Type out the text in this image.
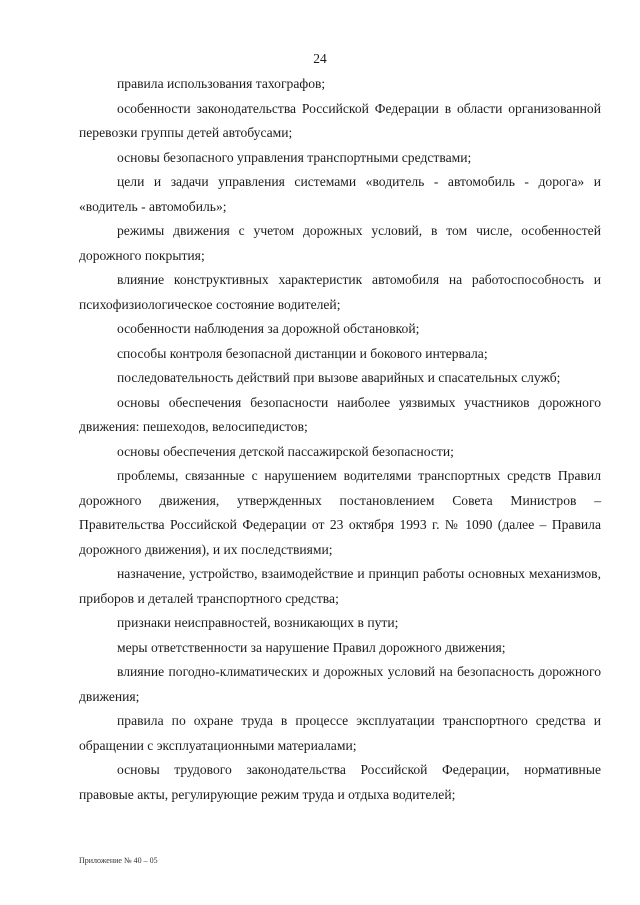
24

правила использования тахографов;

особенности законодательства Российской Федерации в области организованной перевозки группы детей автобусами;

основы безопасного управления транспортными средствами;

цели и задачи управления системами «водитель - автомобиль - дорога» и «водитель - автомобиль»;

режимы движения с учетом дорожных условий, в том числе, особенностей дорожного покрытия;

влияние конструктивных характеристик автомобиля на работоспособность и психофизиологическое состояние водителей;

особенности наблюдения за дорожной обстановкой;

способы контроля безопасной дистанции и бокового интервала;

последовательность действий при вызове аварийных и спасательных служб;

основы обеспечения безопасности наиболее уязвимых участников дорожного движения: пешеходов, велосипедистов;

основы обеспечения детской пассажирской безопасности;

проблемы, связанные с нарушением водителями транспортных средств Правил дорожного движения, утвержденных постановлением Совета Министров – Правительства Российской Федерации от 23 октября 1993 г. № 1090 (далее – Правила дорожного движения), и их последствиями;

назначение, устройство, взаимодействие и принцип работы основных механизмов, приборов и деталей транспортного средства;

признаки неисправностей, возникающих в пути;

меры ответственности за нарушение Правил дорожного движения;

влияние погодно-климатических и дорожных условий на безопасность дорожного движения;

правила по охране труда в процессе эксплуатации транспортного средства и обращении с эксплуатационными материалами;

основы трудового законодательства Российской Федерации, нормативные правовые акты, регулирующие режим труда и отдыха водителей;

Приложение № 40 – 05
